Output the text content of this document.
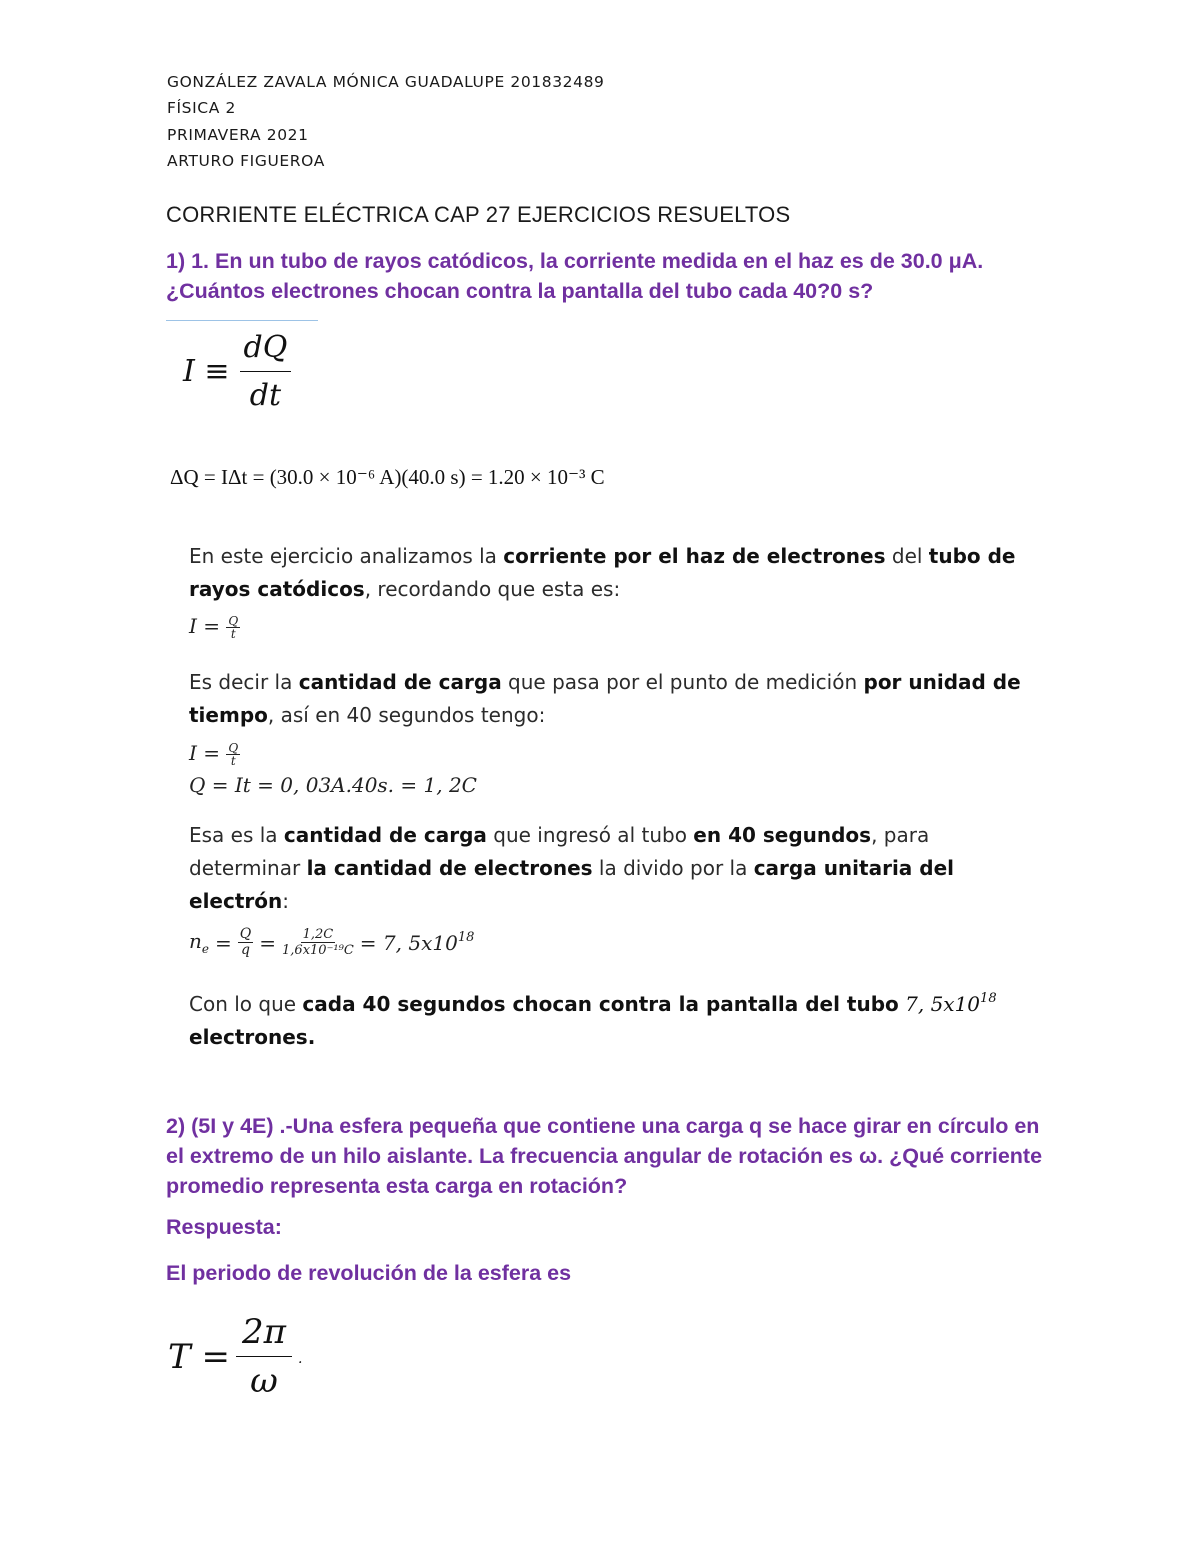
GONZÁLEZ ZAVALA MÓNICA GUADALUPE 201832489
FÍSICA 2
PRIMAVERA 2021
ARTURO FIGUEROA
CORRIENTE ELÉCTRICA CAP 27 EJERCICIOS RESUELTOS
1) 1. En un tubo de rayos catódicos, la corriente medida en el haz es de 30.0 μA. ¿Cuántos electrones chocan contra la pantalla del tubo cada 40?0 s?
$I \equiv \frac{dQ}{dt}$
ΔQ = IΔt = (30.0 × 10⁻⁶ A)(40.0 s) = 1.20 × 10⁻³ C
En este ejercicio analizamos la corriente por el haz de electrones del tubo de rayos catódicos, recordando que esta es:
$I = \frac{Q}{t}$
Es decir la cantidad de carga que pasa por el punto de medición por unidad de tiempo, así en 40 segundos tengo:
$I = \frac{Q}{t}$
Q = It = 0, 03A.40s. = 1, 2C
Esa es la cantidad de carga que ingresó al tubo en 40 segundos, para determinar la cantidad de electrones la divido por la carga unitaria del electrón:
$n_e = \frac{Q}{q} = \frac{1,2C}{\text{1,6x10⁻¹⁹C}} = 7$, $5x10^{18}$
Con lo que cada 40 segundos chocan contra la pantalla del tubo 7, $5x10^{18}$
electrones.
2) (5I y 4E) .-Una esfera pequeña que contiene una carga q se hace girar en círculo en el extremo de un hilo aislante. La frecuencia angular de rotación es ω. ¿Qué corriente promedio representa esta carga en rotación?
Respuesta:
El periodo de revolución de la esfera es
$T = \frac{2\pi}{\omega}$ .
